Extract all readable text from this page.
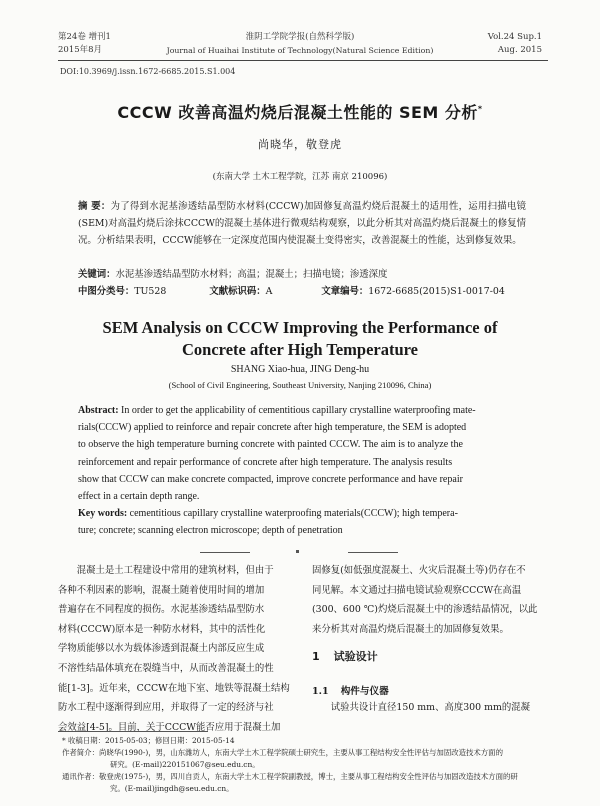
第24卷 增刊1
2015年8月
淮阴工学院学报(自然科学版)
Journal of Huaihai Institute of Technology(Natural Science Edition)
Vol.24 Sup.1
Aug. 2015
DOI:10.3969/j.issn.1672-6685.2015.S1.004
CCCW 改善高温灼烧后混凝土性能的 SEM 分析*
尚晓华，敬登虎
(东南大学 土木工程学院，江苏 南京 210096)
摘 要：为了得到水泥基渗透结晶型防水材料(CCCW)加固修复高温灼烧后混凝土的适用性，运用扫描电镜(SEM)对高温灼烧后涂抹CCCW的混凝土基体进行微观结构观察，以此分析其对高温灼烧后混凝土的修复情况。分析结果表明，CCCW能够在一定深度范围内使混凝土变得密实，改善混凝土的性能，达到修复效果。
关键词：水泥基渗透结晶型防水材料；高温；混凝土；扫描电镜；渗透深度
中图分类号：TU528	文献标识码：A	文章编号：1672-6685(2015)S1-0017-04
SEM Analysis on CCCW Improving the Performance of
Concrete after High Temperature
SHANG Xiao-hua, JING Deng-hu
(School of Civil Engineering, Southeast University, Nanjing 210096, China)
Abstract: In order to get the applicability of cementitious capillary crystalline waterproofing mate-
rials(CCCW) applied to reinforce and repair concrete after high temperature, the SEM is adopted
to observe the high temperature burning concrete with painted CCCW. The aim is to analyze the
reinforcement and repair performance of concrete after high temperature. The analysis results
show that CCCW can make concrete compacted, improve concrete performance and have repair
effect in a certain depth range.
Key words: cementitious capillary crystalline waterproofing materials(CCCW); high tempera-
ture; concrete; scanning electron microscope; depth of penetration
混凝土是土工程建设中常用的建筑材料，但由于
各种不利因素的影响，混凝土随着使用时间的增加
普遍存在不同程度的损伤。水泥基渗透结晶型防水
材料(CCCW)原本是一种防水材料，其中的活性化
学物质能够以水为载体渗透到混凝土内部反应生成
不溶性结晶体填充在裂缝当中，从而改善混凝土的性
能[1-3]。近年来，CCCW在地下室、地铁等混凝土结构
防水工程中逐渐得到应用，并取得了一定的经济与社
会效益[4-5]。目前，关于CCCW能否应用于混凝土加
固修复(如低强度混凝土、火灾后混凝土等)仍存在不
同见解。本文通过扫描电镜试验观察CCCW在高温
(300、600 ℃)灼烧后混凝土中的渗透结晶情况，以此
来分析其对高温灼烧后混凝土的加固修复效果。
1 试验设计
1.1 构件与仪器
试验共设计直径150 mm、高度300 mm的混凝
* 收稿日期：2015-05-03；修回日期：2015-05-14
作者简介：尚晓华(1990-)，男，山东潍坊人，东南大学土木工程学院硕士研究生，主要从事工程结构安全性评估与加固改造技术方面的
研究。(E-mail)220151067@seu.edu.cn。
通讯作者：敬登虎(1975-)，男，四川自贡人，东南大学土木工程学院副教授，博士，主要从事工程结构安全性评估与加固改造技术方面的研
究。(E-mail)jingdh@seu.edu.cn。
